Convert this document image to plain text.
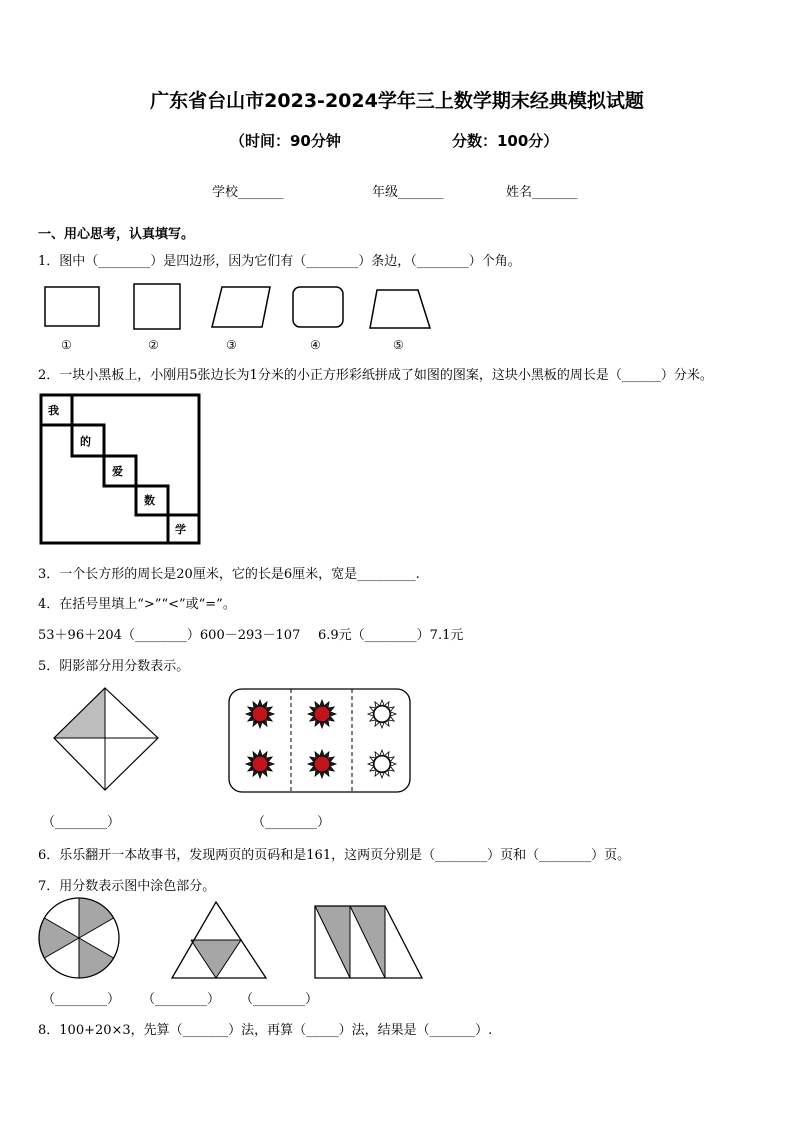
广东省台山市2023-2024学年三上数学期末经典模拟试题
（时间：90分钟	分数：100分）
学校_______	年级_______	姓名_______
一、用心思考，认真填写。
1．图中（________）是四边形，因为它们有（________）条边，（________）个角。
①	②	③	④	⑤
2．一块小黑板上，小刚用5张边长为1分米的小正方形彩纸拼成了如图的图案，这块小黑板的周长是（______）分米。
我
的
爱
数
学
3．一个长方形的周长是20厘米，它的长是6厘米，宽是_________.
4．在括号里填上“>”“<”或“=”。
53＋96＋204（________）600－293－107 6.9元（________）7.1元
5．阴影部分用分数表示。
（________）	（________）
6．乐乐翻开一本故事书，发现两页的页码和是161，这两页分别是（________）页和（________）页。
7．用分数表示图中涂色部分。
（________） （________） （________）
8．100+20×3，先算（_______）法，再算（_____）法，结果是（_______）.
